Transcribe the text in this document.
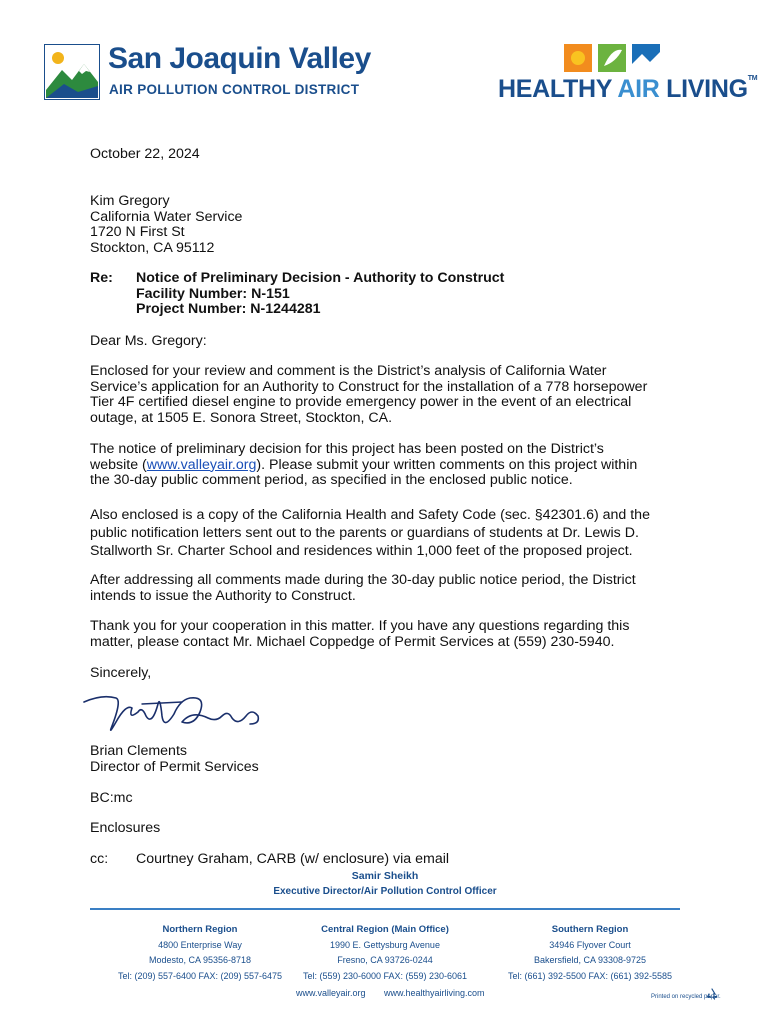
San Joaquin Valley
AIR POLLUTION CONTROL DISTRICT	HEALTHY AIR LIVING™
October 22, 2024
Kim Gregory
California Water Service
1720 N First St
Stockton, CA 95112
Re: Notice of Preliminary Decision - Authority to Construct
Facility Number: N-151
Project Number: N-1244281
Dear Ms. Gregory:
Enclosed for your review and comment is the District’s analysis of California Water
Service’s application for an Authority to Construct for the installation of a 778 horsepower
Tier 4F certified diesel engine to provide emergency power in the event of an electrical
outage, at 1505 E. Sonora Street, Stockton, CA.
The notice of preliminary decision for this project has been posted on the District’s
website (www.valleyair.org). Please submit your written comments on this project within
the 30-day public comment period, as specified in the enclosed public notice.
Also enclosed is a copy of the California Health and Safety Code (sec. §42301.6) and the
public notification letters sent out to the parents or guardians of students at Dr. Lewis D.
Stallworth Sr. Charter School and residences within 1,000 feet of the proposed project.
After addressing all comments made during the 30-day public notice period, the District
intends to issue the Authority to Construct.
Thank you for your cooperation in this matter. If you have any questions regarding this
matter, please contact Mr. Michael Coppedge of Permit Services at (559) 230-5940.
Sincerely,
Brian Clements
Director of Permit Services
BC:mc
Enclosures
cc: Courtney Graham, CARB (w/ enclosure) via email
Samir Sheikh
Executive Director/Air Pollution Control Officer
Northern Region
4800 Enterprise Way
Modesto, CA 95356-8718
Tel: (209) 557-6400 FAX: (209) 557-6475
Central Region (Main Office)
1990 E. Gettysburg Avenue
Fresno, CA 93726-0244
Tel: (559) 230-6000 FAX: (559) 230-6061
Southern Region
34946 Flyover Court
Bakersfield, CA 93308-9725
Tel: (661) 392-5500 FAX: (661) 392-5585
www.valleyair.org www.healthyairliving.com	Printed on recycled paper.
